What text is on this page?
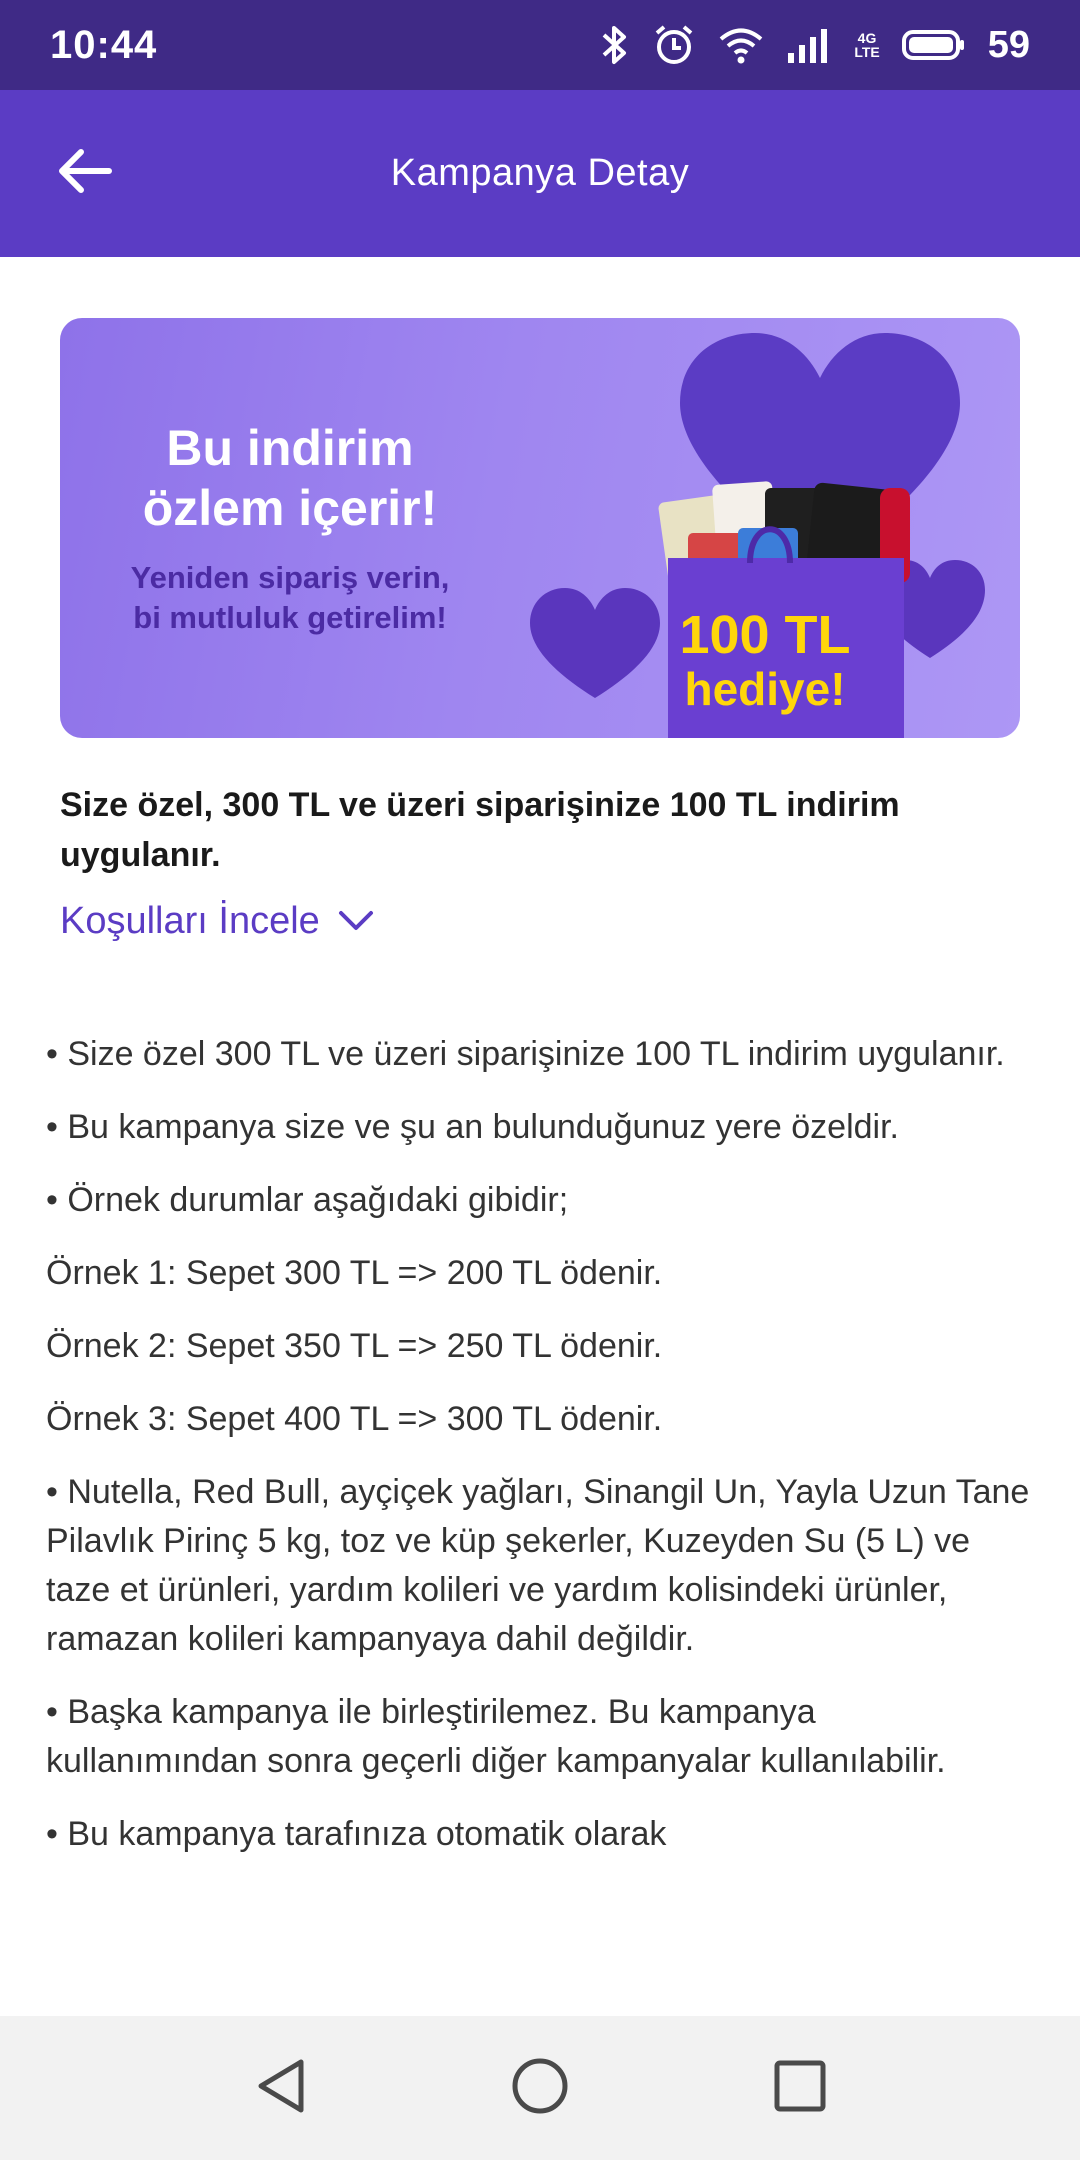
10:44	4G
LTE	59
Kampanya Detay
Bu indirim
özlem içerir!
Yeniden sipariş verin,
bi mutluluk getirelim!	100 TL
hediye!

Size özel, 300 TL ve üzeri siparişinize 100 TL indirim uygulanır.

Koşulları İncele

• Size özel 300 TL ve üzeri siparişinize 100 TL indirim uygulanır.

• Bu kampanya size ve şu an bulunduğunuz yere özeldir.

• Örnek durumlar aşağıdaki gibidir;

Örnek 1: Sepet 300 TL => 200 TL ödenir.

Örnek 2: Sepet 350 TL => 250 TL ödenir.

Örnek 3: Sepet 400 TL => 300 TL ödenir.

• Nutella, Red Bull, ayçiçek yağları, Sinangil Un, Yayla Uzun Tane Pilavlık Pirinç 5 kg, toz ve küp şekerler, Kuzeyden Su (5 L) ve taze et ürünleri, yardım kolileri ve yardım kolisindeki ürünler, ramazan kolileri kampanyaya dahil değildir.

• Başka kampanya ile birleştirilemez. Bu kampanya kullanımından sonra geçerli diğer kampanyalar kullanılabilir.

• Bu kampanya tarafınıza otomatik olarak
